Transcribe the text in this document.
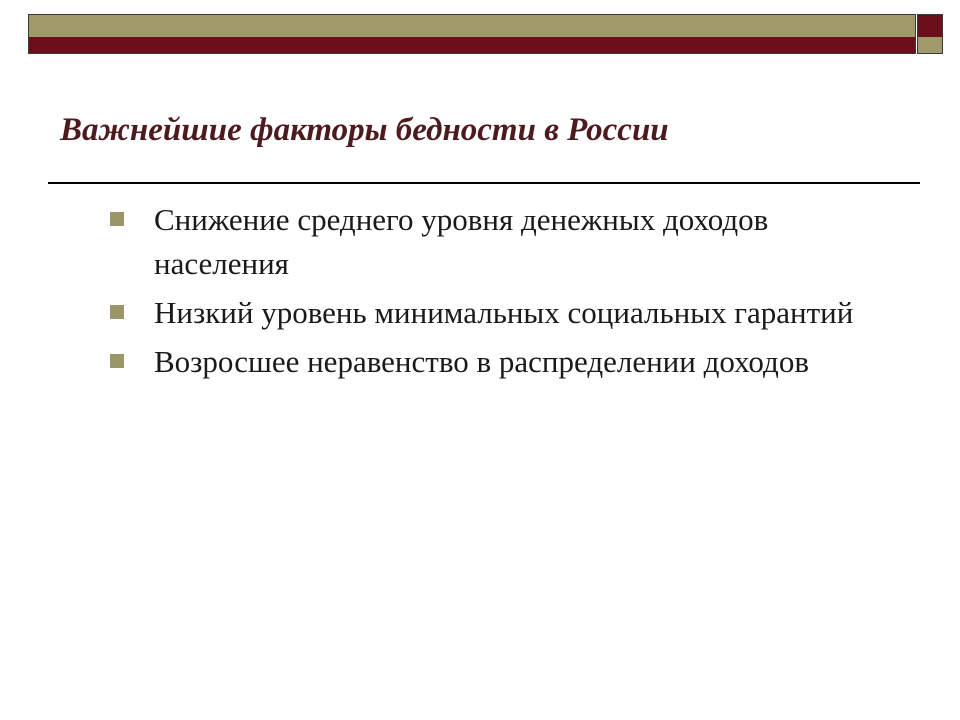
Важнейшие факторы бедности в России
Снижение среднего уровня денежных доходов населения
Низкий уровень минимальных социальных гарантий
Возросшее неравенство в распределении доходов
